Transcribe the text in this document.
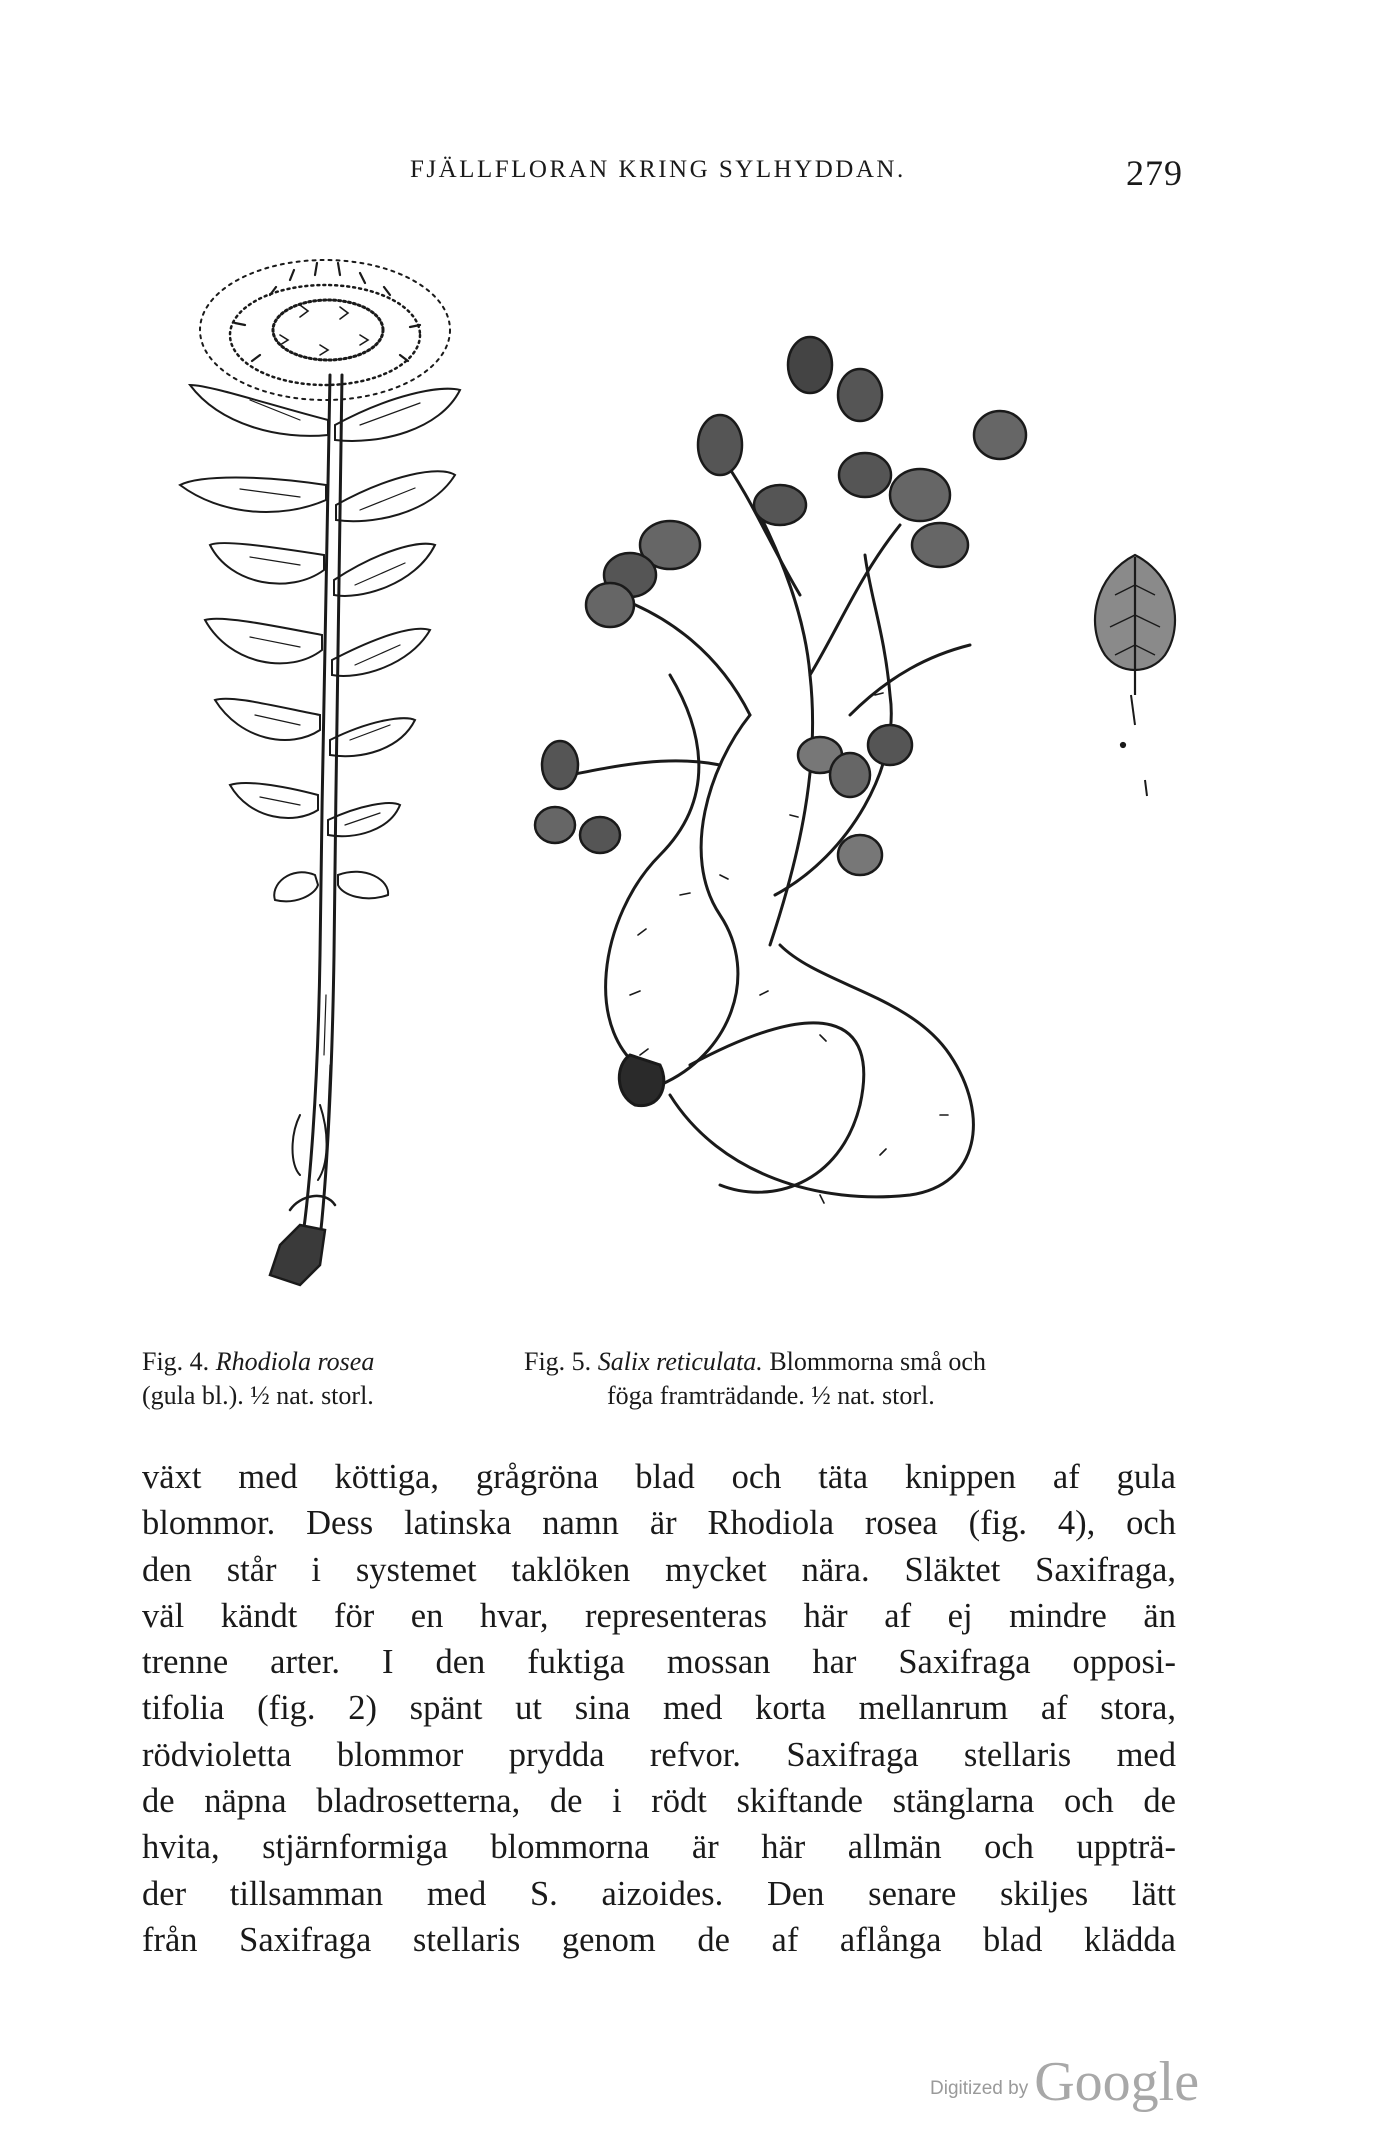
FJÄLLFLORAN KRING SYLHYDDAN.	279
Fig. 4. Rhodiola rosea
(gula bl.). ½ nat. storl.
Fig. 5. Salix reticulata. Blommorna små och
föga framträdande. ½ nat. storl.
växt med köttiga, grågröna blad och täta knippen af gula
blommor. Dess latinska namn är Rhodiola rosea (fig. 4), och
den står i systemet taklöken mycket nära. Släktet Saxifraga,
väl kändt för en hvar, representeras här af ej mindre än
trenne arter. I den fuktiga mossan har Saxifraga opposi-
tifolia (fig. 2) spänt ut sina med korta mellanrum af stora,
rödvioletta blommor prydda refvor. Saxifraga stellaris med
de näpna bladrosetterna, de i rödt skiftande stänglarna och de
hvita, stjärnformiga blommorna är här allmän och uppträ-
der tillsamman med S. aizoides. Den senare skiljes lätt
från Saxifraga stellaris genom de af aflånga blad klädda
Digitized by Google
